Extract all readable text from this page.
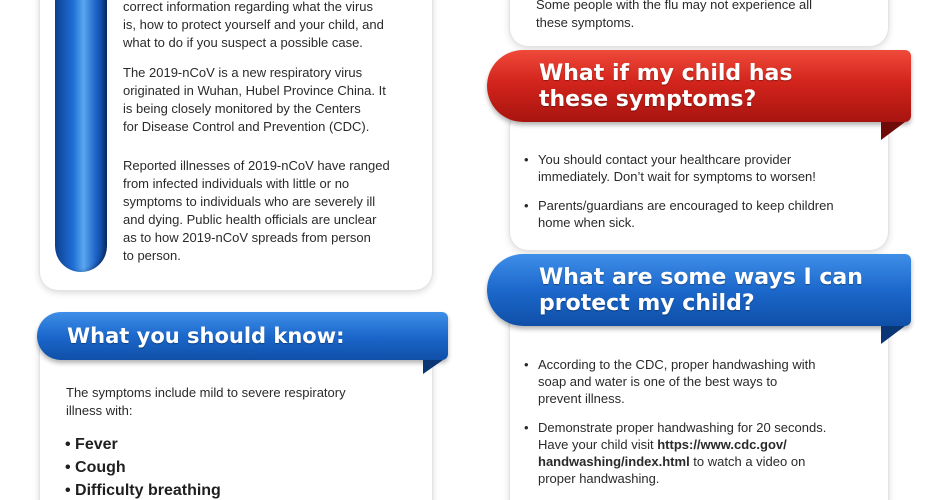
correct information regarding what the virus

is, how to protect yourself and your child, and

what to do if you suspect a possible case.

The 2019-nCoV is a new respiratory virus

originated in Wuhan, Hubel Province China. It

is being closely monitored by the Centers

for Disease Control and Prevention (CDC).

Reported illnesses of 2019-nCoV have ranged

from infected individuals with little or no

symptoms to individuals who are severely ill

and dying. Public health officials are unclear

as to how 2019-nCoV spreads from person

to person.

What you should know:

The symptoms include mild to severe respiratory

illness with:

• Fever
• Cough
• Difficulty breathing

Some people with the flu may not experience all

these symptoms.

What if my child has
these symptoms?
• You should contact your healthcare provider
immediately. Don’t wait for symptoms to worsen!
• Parents/guardians are encouraged to keep children
home when sick.
What are some ways I can
protect my child?
• According to the CDC, proper handwashing with
soap and water is one of the best ways to
prevent illness.
• Demonstrate proper handwashing for 20 seconds.
Have your child visit https://www.cdc.gov/
handwashing/index.html to watch a video on
proper handwashing.
